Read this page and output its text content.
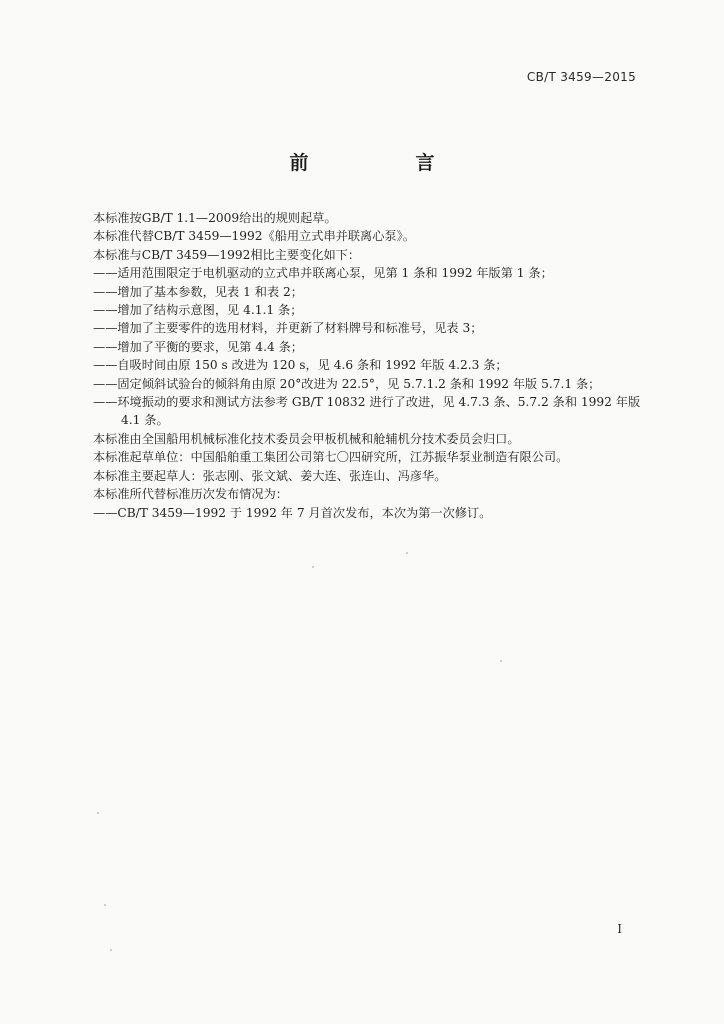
CB/T 3459—2015
前　言
本标准按GB/T 1.1—2009给出的规则起草。
本标准代替CB/T 3459—1992《船用立式串并联离心泵》。
本标准与CB/T 3459—1992相比主要变化如下：
——适用范围限定于电机驱动的立式串并联离心泵，见第 1 条和 1992 年版第 1 条；
——增加了基本参数，见表 1 和表 2；
——增加了结构示意图，见 4.1.1 条；
——增加了主要零件的选用材料，并更新了材料牌号和标准号，见表 3；
——增加了平衡的要求，见第 4.4 条；
——自吸时间由原 150 s 改进为 120 s，见 4.6 条和 1992 年版 4.2.3 条；
——固定倾斜试验台的倾斜角由原 20°改进为 22.5°，见 5.7.1.2 条和 1992 年版 5.7.1 条；
——环境振动的要求和测试方法参考 GB/T 10832 进行了改进，见 4.7.3 条、5.7.2 条和 1992 年版
4.1 条。
本标准由全国船用机械标准化技术委员会甲板机械和舱辅机分技术委员会归口。
本标准起草单位：中国船舶重工集团公司第七〇四研究所，江苏振华泵业制造有限公司。
本标准主要起草人：张志刚、张文斌、姜大连、张连山、冯彦华。
本标准所代替标准历次发布情况为：
——CB/T 3459—1992 于 1992 年 7 月首次发布，本次为第一次修订。
I
